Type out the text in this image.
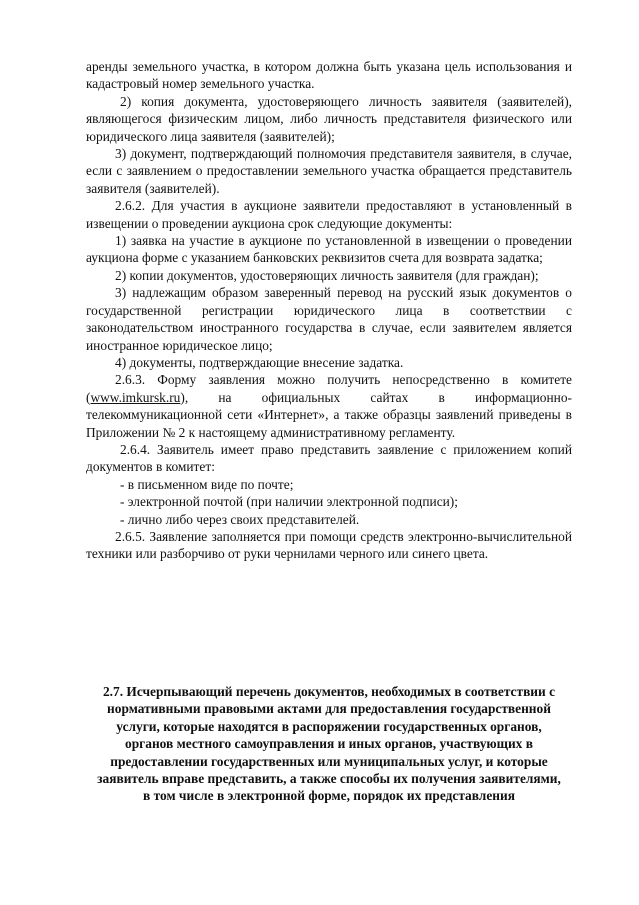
аренды земельного участка, в котором должна быть указана цель использования и кадастровый номер земельного участка.

2) копия документа, удостоверяющего личность заявителя (заявителей), являющегося физическим лицом, либо личность представителя физического или юридического лица заявителя (заявителей);

3) документ, подтверждающий полномочия представителя заявителя, в случае, если с заявлением о предоставлении земельного участка обращается представитель заявителя (заявителей).

2.6.2. Для участия в аукционе заявители предоставляют в установленный в извещении о проведении аукциона срок следующие документы:

1) заявка на участие в аукционе по установленной в извещении о проведении аукциона форме с указанием банковских реквизитов счета для возврата задатка;

2) копии документов, удостоверяющих личность заявителя (для граждан);

3) надлежащим образом заверенный перевод на русский язык документов о государственной регистрации юридического лица в соответствии с законодательством иностранного государства в случае, если заявителем является иностранное юридическое лицо;

4) документы, подтверждающие внесение задатка.

2.6.3. Форму заявления можно получить непосредственно в комитете (www.imkursk.ru), на официальных сайтах в информационно-телекоммуникационной сети «Интернет», а также образцы заявлений приведены в Приложении № 2 к настоящему административному регламенту.

2.6.4. Заявитель имеет право представить заявление с приложением копий документов в комитет:

- в письменном виде по почте;

- электронной почтой (при наличии электронной подписи);

- лично либо через своих представителей.

2.6.5. Заявление заполняется при помощи средств электронно-вычислительной техники или разборчиво от руки чернилами черного или синего цвета.

2.7. Исчерпывающий перечень документов, необходимых в соответствии с нормативными правовыми актами для предоставления государственной услуги, которые находятся в распоряжении государственных органов, органов местного самоуправления и иных органов, участвующих в предоставлении государственных или муниципальных услуг, и которые заявитель вправе представить, а также способы их получения заявителями, в том числе в электронной форме, порядок их представления
